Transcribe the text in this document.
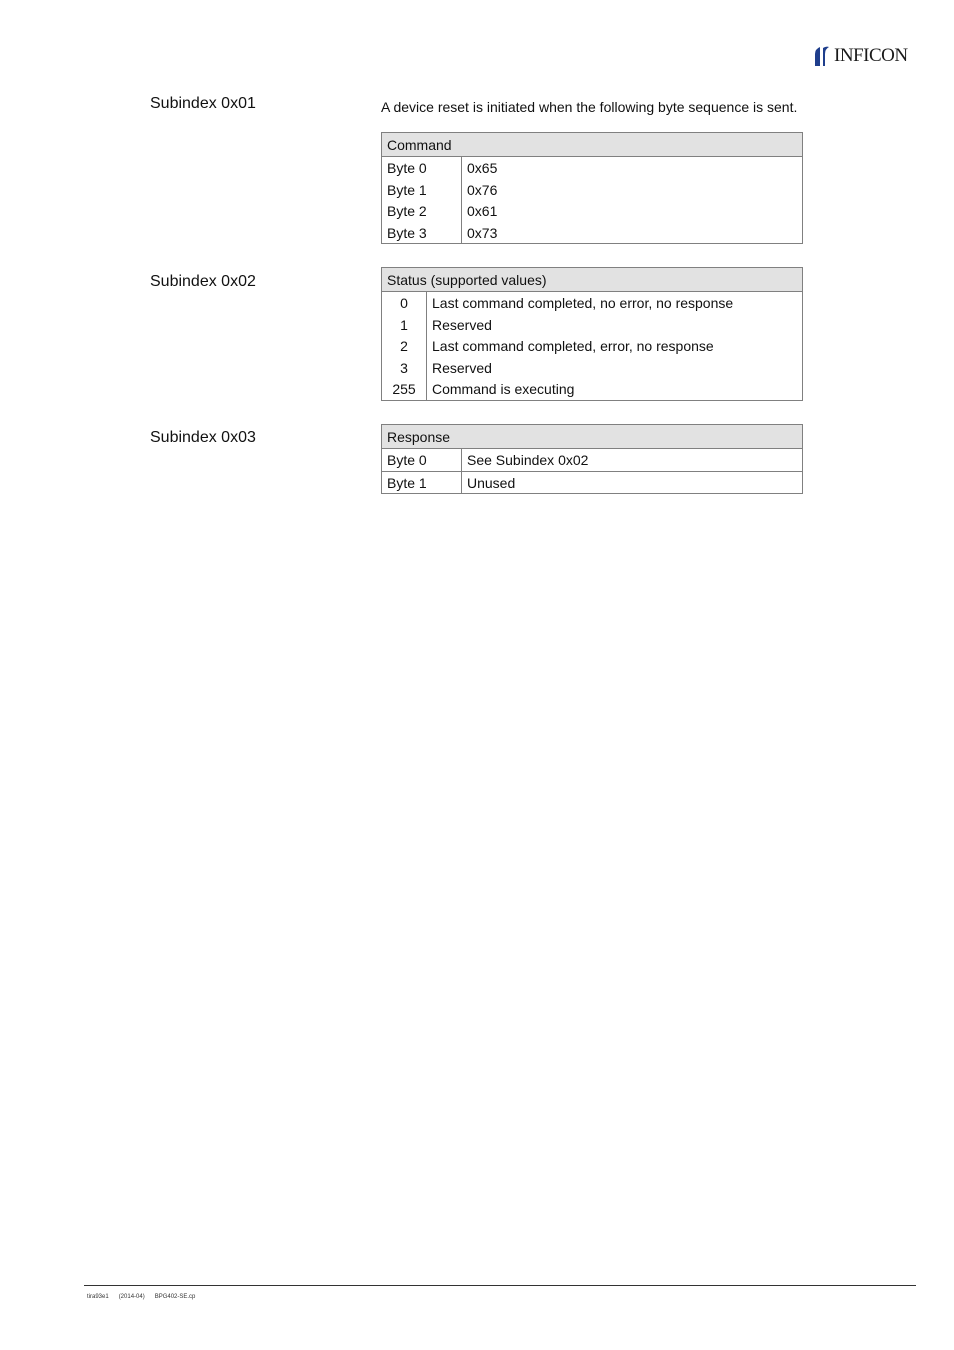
INFICON
Subindex 0x01	A device reset is initiated when the following byte sequence is sent.
Command
Byte 0	0x65
Byte 1	0x76
Byte 2	0x61
Byte 3	0x73
Subindex 0x02	Status (supported values)
0	Last command completed, no error, no response
1	Reserved
2	Last command completed, error, no response
3	Reserved
255	Command is executing
Subindex 0x03	Response
Byte 0	See Subindex 0x02
Byte 1	Unused
tira93e1 (2014-04) BPG402-SE.cp
